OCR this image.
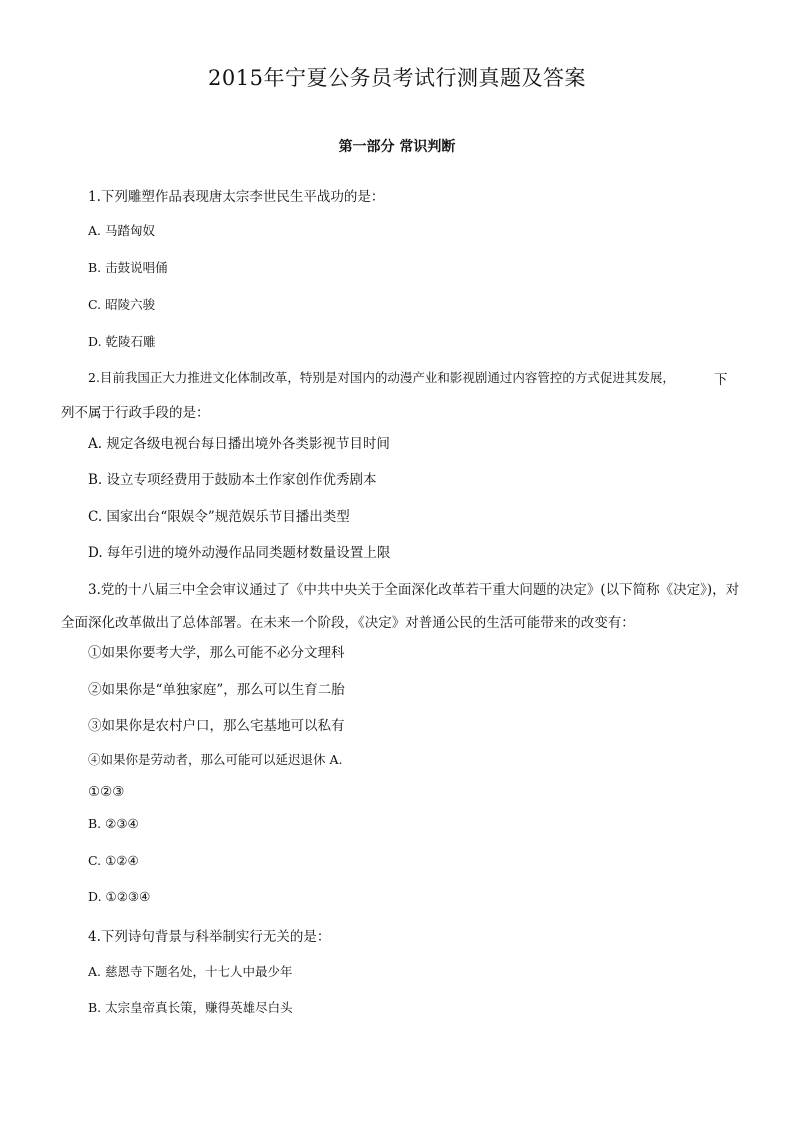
2015年宁夏公务员考试行测真题及答案
第一部分 常识判断
1.下列雕塑作品表现唐太宗李世民生平战功的是：
A. 马踏匈奴
B. 击鼓说唱俑
C. 昭陵六骏
D. 乾陵石雕
2.目前我国正大力推进文化体制改革，特别是对国内的动漫产业和影视剧通过内容管控的方式促进其发展，	下
列不属于行政手段的是：
A. 规定各级电视台每日播出境外各类影视节目时间
B. 设立专项经费用于鼓励本土作家创作优秀剧本
C. 国家出台“限娱令”规范娱乐节目播出类型
D. 每年引进的境外动漫作品同类题材数量设置上限
3.党的十八届三中全会审议通过了《中共中央关于全面深化改革若干重大问题的决定》(以下简称《决定》)，对
全面深化改革做出了总体部署。在未来一个阶段，《决定》对普通公民的生活可能带来的改变有：
①如果你要考大学，那么可能不必分文理科
②如果你是“单独家庭”，那么可以生育二胎
③如果你是农村户口，那么宅基地可以私有
④如果你是劳动者，那么可能可以延迟退休 A.
①②③
B. ②③④
C. ①②④
D. ①②③④
4.下列诗句背景与科举制实行无关的是：
A. 慈恩寺下题名处，十七人中最少年
B. 太宗皇帝真长策，赚得英雄尽白头
